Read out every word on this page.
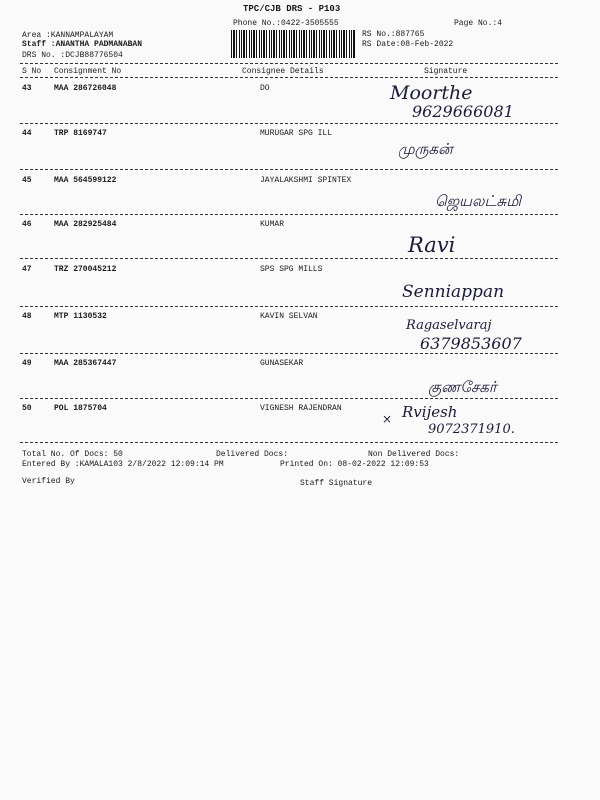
TPC/CJB DRS - P103
Phone No.:0422-3505555	Page No.:4
Area :KANNAMPALAYAM
Staff :ANANTHA PADMANABAN
DRS No. :DCJB88776504
RS No.:887765
RS Date:08-Feb-2022
S No Consignment No	Consignee Details	Signature
43	MAA 286726048	DO	Moorthe
9629666081
44	TRP 8169747	MURUGAR SPG ILL
முருகன்
45	MAA 564599122	JAYALAKSHMI SPINTEX
ஜெயலட்சுமி
46	MAA 282925484	KUMAR
Ravi
47	TRZ 270045212	SPS SPG MILLS
Senniappan
48	MTP 1130532	KAVIN SELVAN
Ragaselvaraj
6379853607
49	MAA 285367447	GUNASEKAR
குணசேகர்
50	POL 1875704	VIGNESH RAJENDRAN
× Rvijesh
9072371910.
Total No. Of Docs: 50	Delivered Docs:	Non Delivered Docs:
Entered By :KAMALA103 2/8/2022 12:09:14 PM	Printed On: 08-02-2022 12:09:53
Verified By	Staff Signature
